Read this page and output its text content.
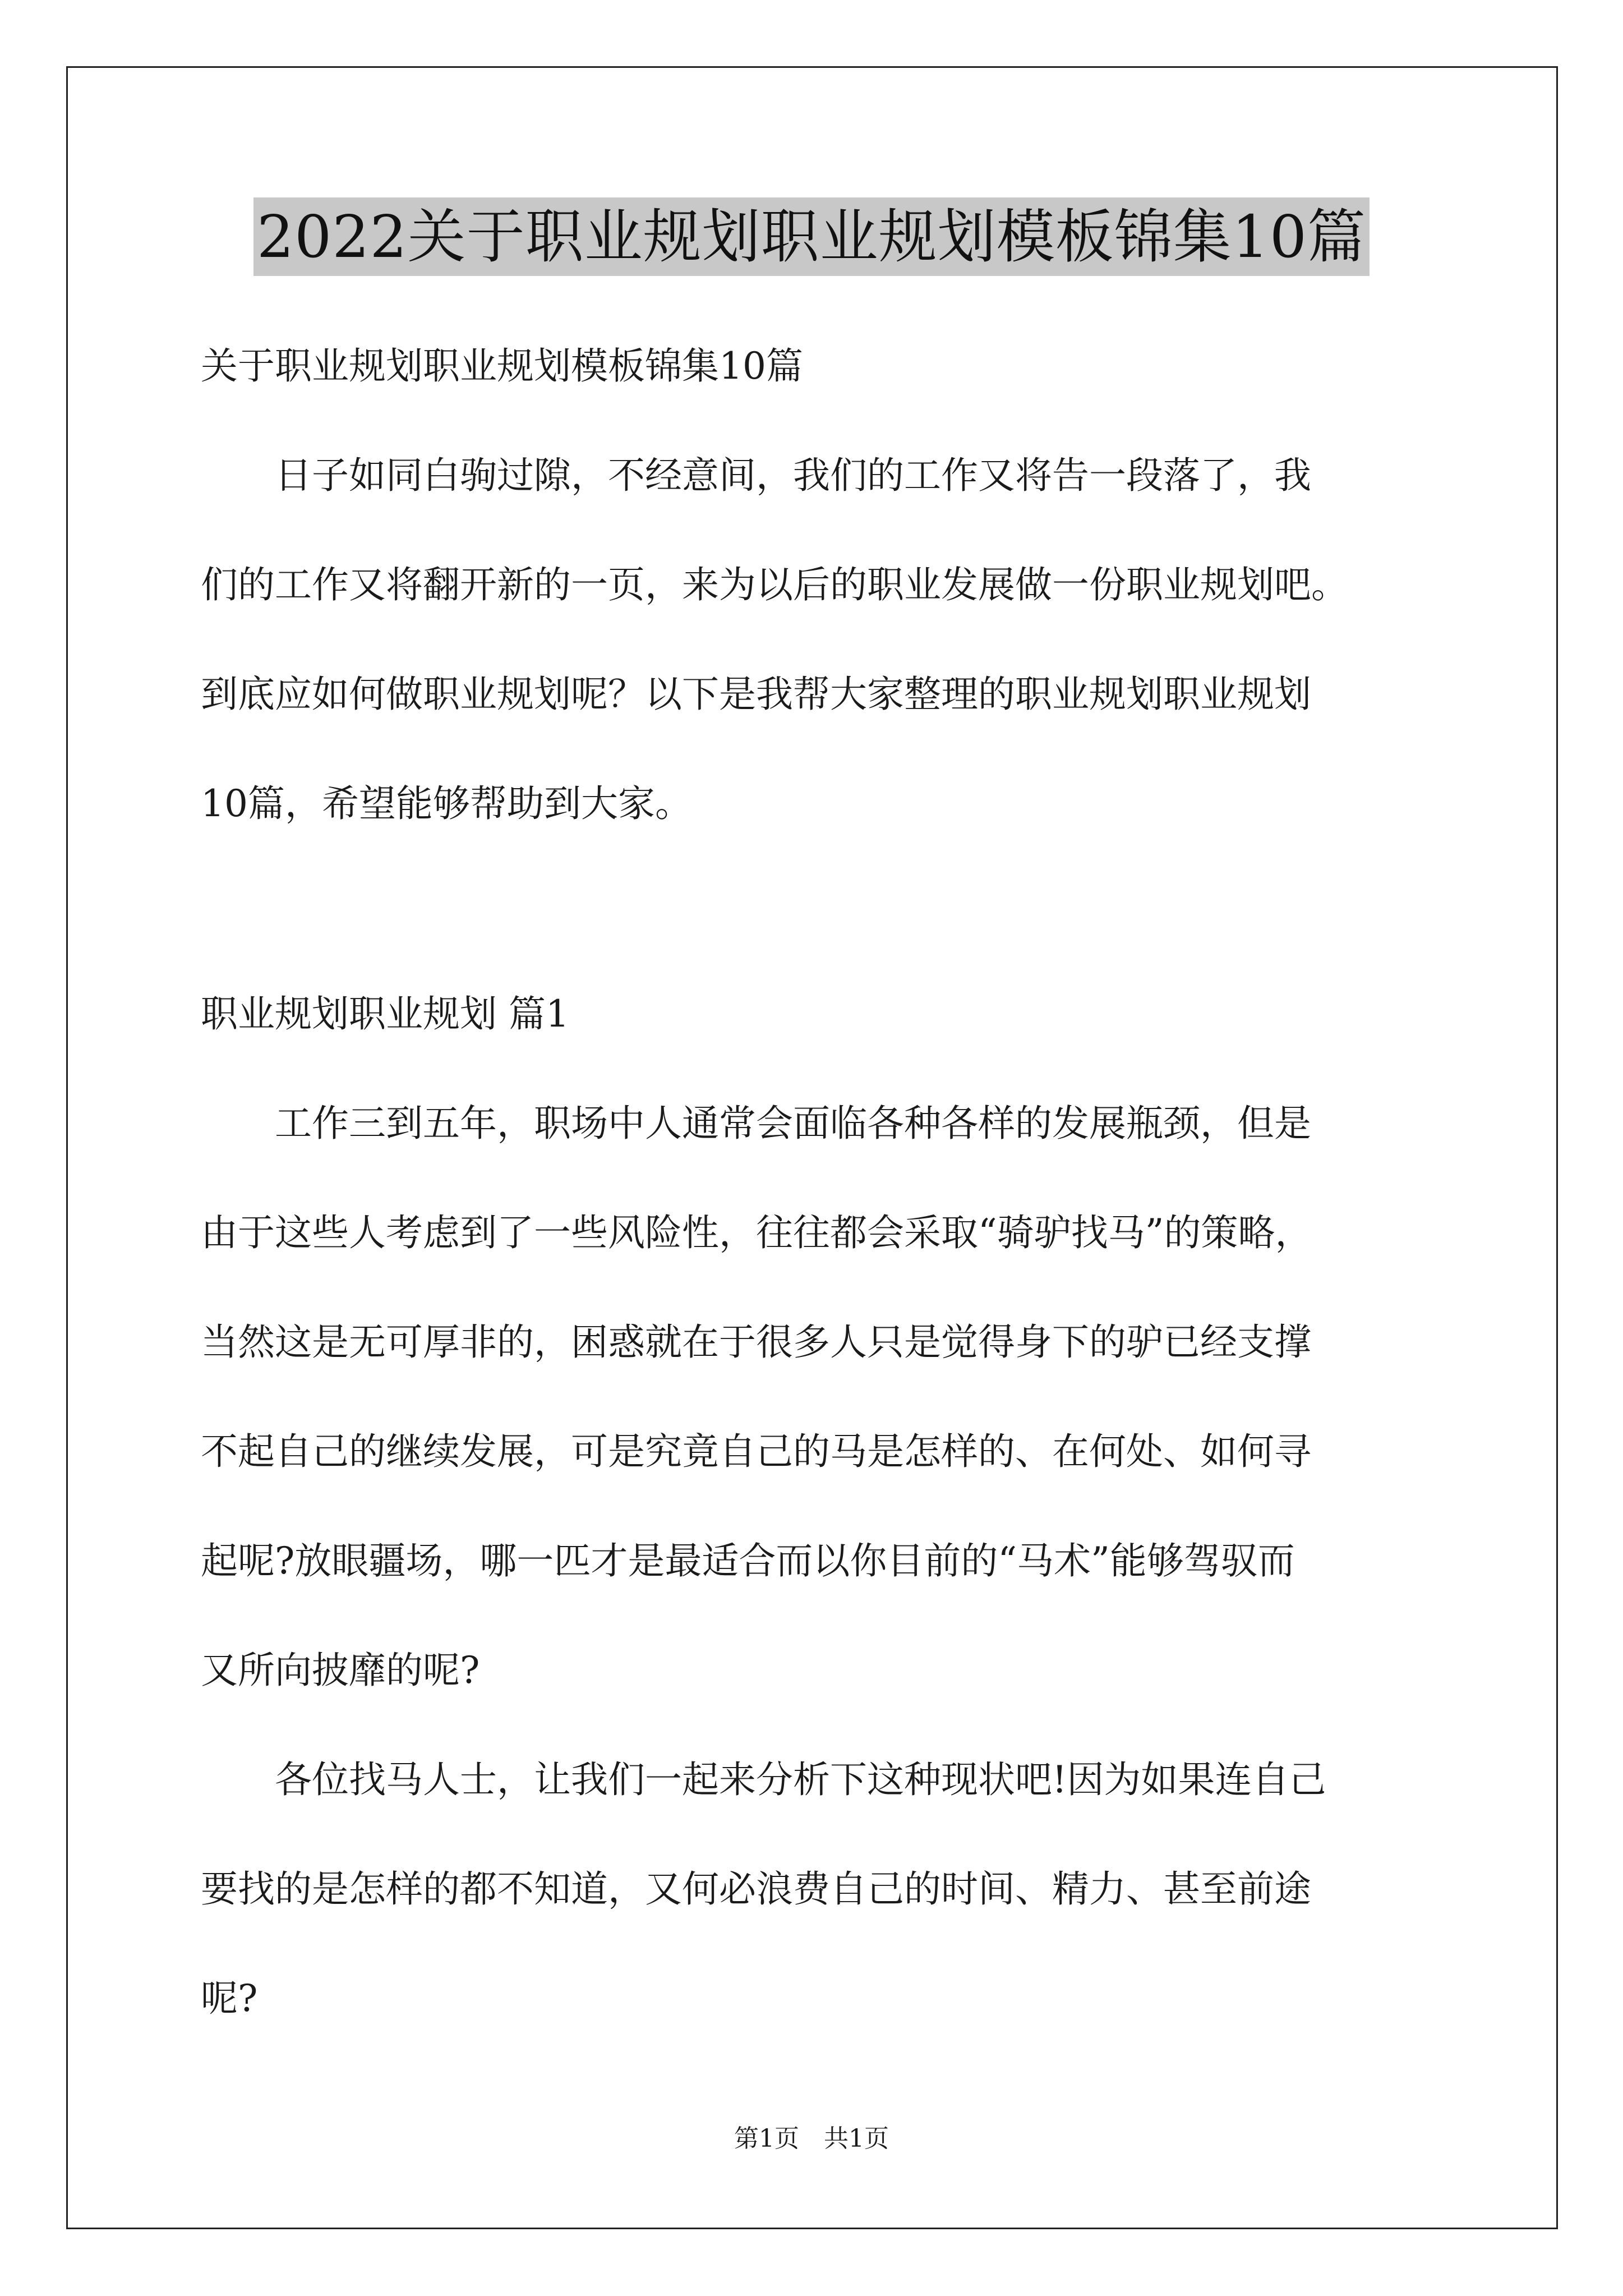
2022关于职业规划职业规划模板锦集10篇
关于职业规划职业规划模板锦集10篇
　　日子如同白驹过隙，不经意间，我们的工作又将告一段落了，我
们的工作又将翻开新的一页，来为以后的职业发展做一份职业规划吧。
到底应如何做职业规划呢？以下是我帮大家整理的职业规划职业规划
10篇，希望能够帮助到大家。
职业规划职业规划 篇1
　　工作三到五年，职场中人通常会面临各种各样的发展瓶颈，但是
由于这些人考虑到了一些风险性，往往都会采取“骑驴找马”的策略，
当然这是无可厚非的，困惑就在于很多人只是觉得身下的驴已经支撑
不起自己的继续发展，可是究竟自己的马是怎样的、在何处、如何寻
起呢?放眼疆场，哪一匹才是最适合而以你目前的“马术”能够驾驭而
又所向披靡的呢?
　　各位找马人士，让我们一起来分析下这种现状吧!因为如果连自己
要找的是怎样的都不知道，又何必浪费自己的时间、精力、甚至前途
呢?
第1页　共1页
